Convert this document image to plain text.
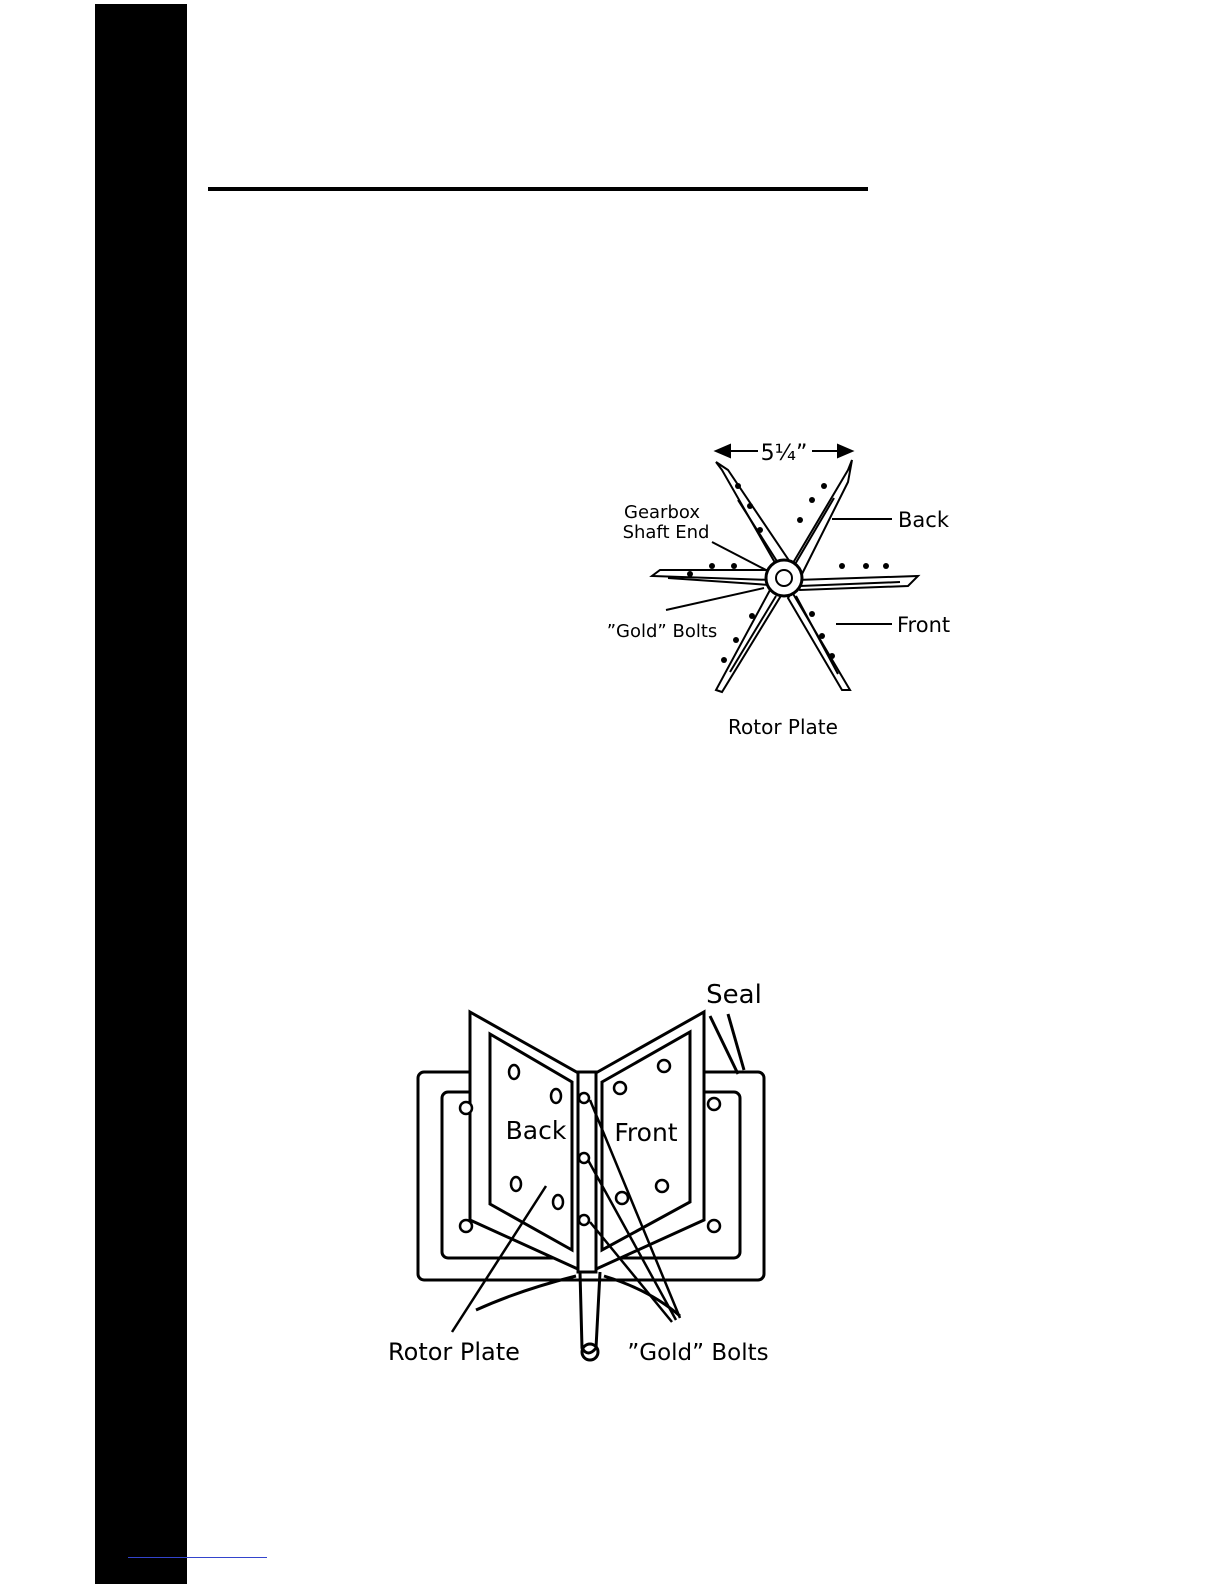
5¼”
Gearbox
Shaft End
Back
Front
”Gold” Bolts
Rotor Plate
Seal
Back Front
Rotor Plate	”Gold” Bolts
